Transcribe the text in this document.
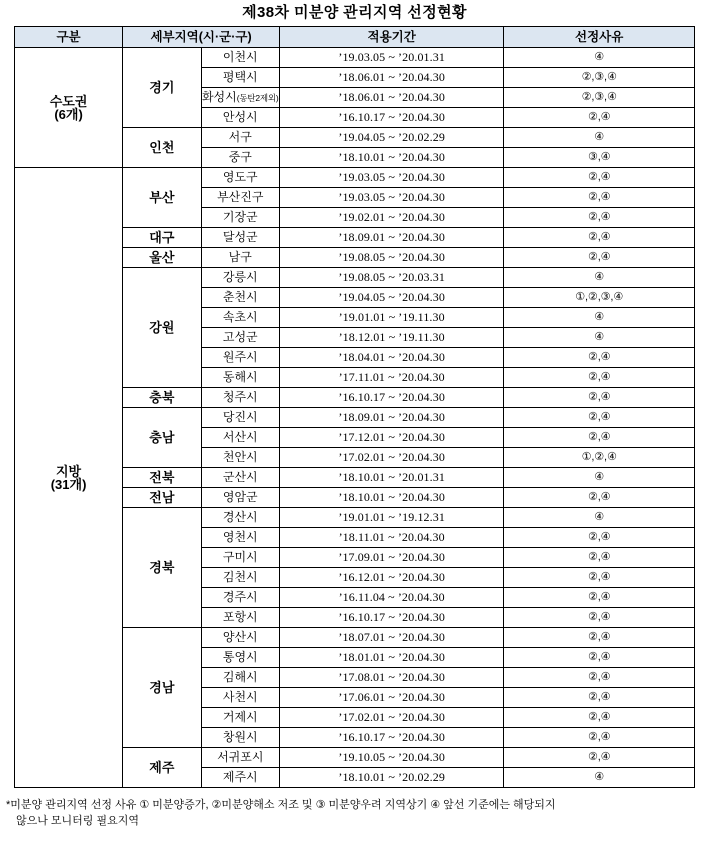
제38차 미분양 관리지역 선정현황
구분	세부지역(시·군·구)		적용기간	선정사유

수도권
(6개)	경기	이천시	’19.03.05 ~ ’20.01.31	④
		평택시	’18.06.01 ~ ’20.04.30	②,③,④
		화성시(동탄2제외)	’18.06.01 ~ ’20.04.30	②,③,④
		안성시	’16.10.17 ~ ’20.04.30	②,④
	인천	서구	’19.04.05 ~ ’20.02.29	④
		중구	’18.10.01 ~ ’20.04.30	③,④

지방
(31개)	부산	영도구	’19.03.05 ~ ’20.04.30	②,④
		부산진구	’19.03.05 ~ ’20.04.30	②,④
		기장군	’19.02.01 ~ ’20.04.30	②,④
	대구	달성군	’18.09.01 ~ ’20.04.30	②,④
	울산	남구	’19.08.05 ~ ’20.04.30	②,④
	강원	강릉시	’19.08.05 ~ ’20.03.31	④
		춘천시	’19.04.05 ~ ’20.04.30	①,②,③,④
		속초시	’19.01.01 ~ ’19.11.30	④
		고성군	’18.12.01 ~ ’19.11.30	④
		원주시	’18.04.01 ~ ’20.04.30	②,④
		동해시	’17.11.01 ~ ’20.04.30	②,④
	충북	청주시	’16.10.17 ~ ’20.04.30	②,④
	충남	당진시	’18.09.01 ~ ’20.04.30	②,④
		서산시	’17.12.01 ~ ’20.04.30	②,④
		천안시	’17.02.01 ~ ’20.04.30	①,②,④
	전북	군산시	’18.10.01 ~ ’20.01.31	④
	전남	영암군	’18.10.01 ~ ’20.04.30	②,④
	경북	경산시	’19.01.01 ~ ’19.12.31	④
		영천시	’18.11.01 ~ ’20.04.30	②,④
		구미시	’17.09.01 ~ ’20.04.30	②,④
		김천시	’16.12.01 ~ ’20.04.30	②,④
		경주시	’16.11.04 ~ ’20.04.30	②,④
		포항시	’16.10.17 ~ ’20.04.30	②,④
	경남	양산시	’18.07.01 ~ ’20.04.30	②,④
		통영시	’18.01.01 ~ ’20.04.30	②,④
		김해시	’17.08.01 ~ ’20.04.30	②,④
		사천시	’17.06.01 ~ ’20.04.30	②,④
		거제시	’17.02.01 ~ ’20.04.30	②,④
		창원시	’16.10.17 ~ ’20.04.30	②,④
	제주	서귀포시	’19.10.05 ~ ’20.04.30	②,④
		제주시	’18.10.01 ~ ’20.02.29	④
*미분양 관리지역 선정 사유 ① 미분양증가, ②미분양해소 저조 및 ③ 미분양우려 지역상기 ④ 앞선 기준에는 해당되지
않으나 모니터링 필요지역
